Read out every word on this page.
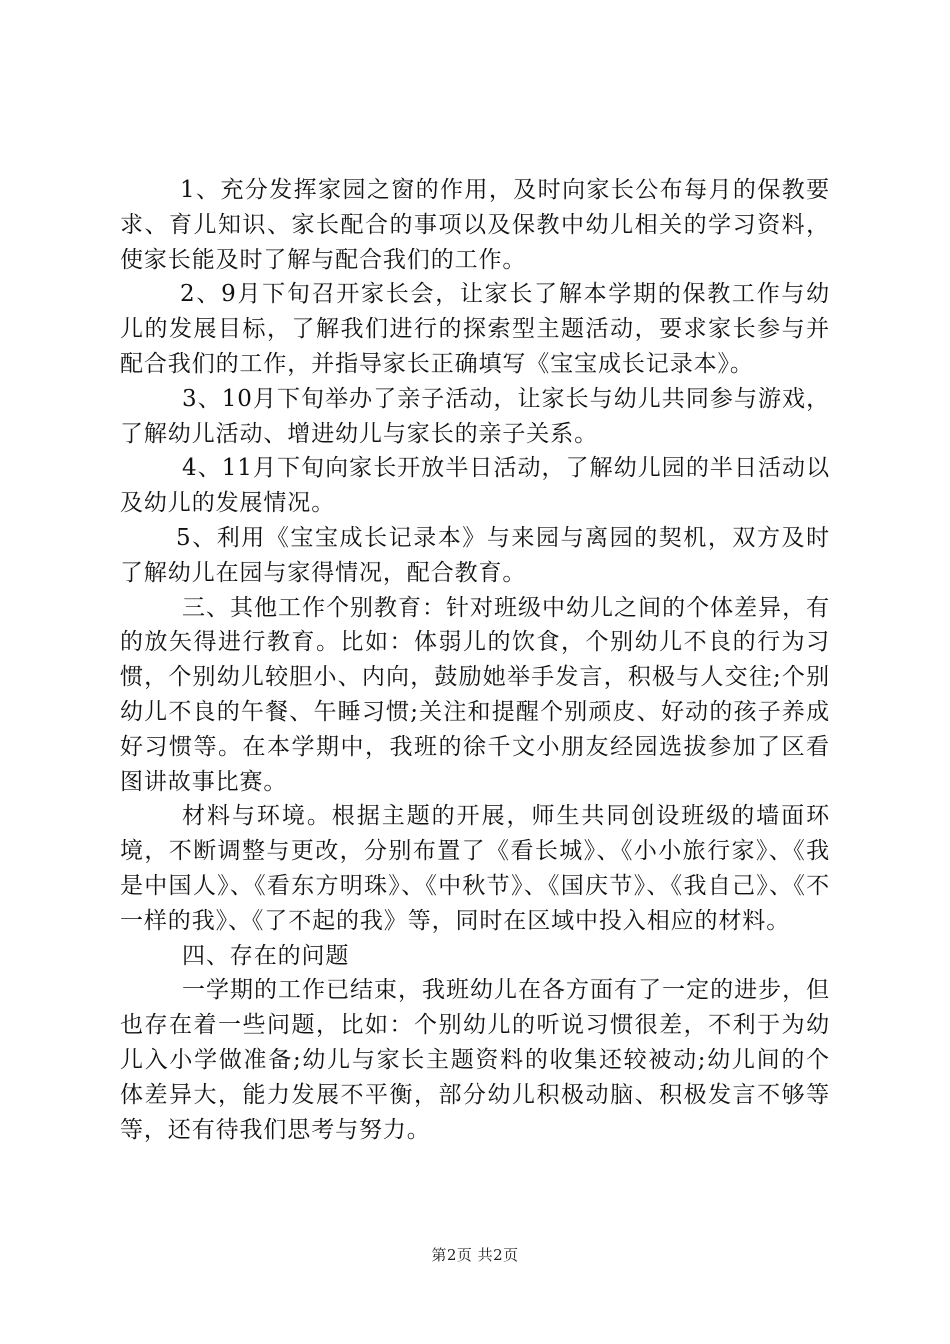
1、充分发挥家园之窗的作用，及时向家长公布每月的保教要求、育儿知识、家长配合的事项以及保教中幼儿相关的学习资料，使家长能及时了解与配合我们的工作。

2、9月下旬召开家长会，让家长了解本学期的保教工作与幼儿的发展目标，了解我们进行的探索型主题活动，要求家长参与并配合我们的工作，并指导家长正确填写《宝宝成长记录本》。

3、10月下旬举办了亲子活动，让家长与幼儿共同参与游戏，了解幼儿活动、增进幼儿与家长的亲子关系。

4、11月下旬向家长开放半日活动，了解幼儿园的半日活动以及幼儿的发展情况。

5、利用《宝宝成长记录本》与来园与离园的契机，双方及时了解幼儿在园与家得情况，配合教育。

三、其他工作个别教育：针对班级中幼儿之间的个体差异，有的放矢得进行教育。比如：体弱儿的饮食，个别幼儿不良的行为习惯，个别幼儿较胆小、内向，鼓励她举手发言，积极与人交往;个别幼儿不良的午餐、午睡习惯;关注和提醒个别顽皮、好动的孩子养成好习惯等。在本学期中，我班的徐千文小朋友经园选拔参加了区看图讲故事比赛。

材料与环境。根据主题的开展，师生共同创设班级的墙面环境，不断调整与更改，分别布置了《看长城》、《小小旅行家》、《我是中国人》、《看东方明珠》、《中秋节》、《国庆节》、《我自己》、《不一样的我》、《了不起的我》等，同时在区域中投入相应的材料。

四、存在的问题

一学期的工作已结束，我班幼儿在各方面有了一定的进步，但也存在着一些问题，比如：个别幼儿的听说习惯很差，不利于为幼儿入小学做准备;幼儿与家长主题资料的收集还较被动;幼儿间的个体差异大，能力发展不平衡，部分幼儿积极动脑、积极发言不够等等，还有待我们思考与努力。

第2页 共2页
